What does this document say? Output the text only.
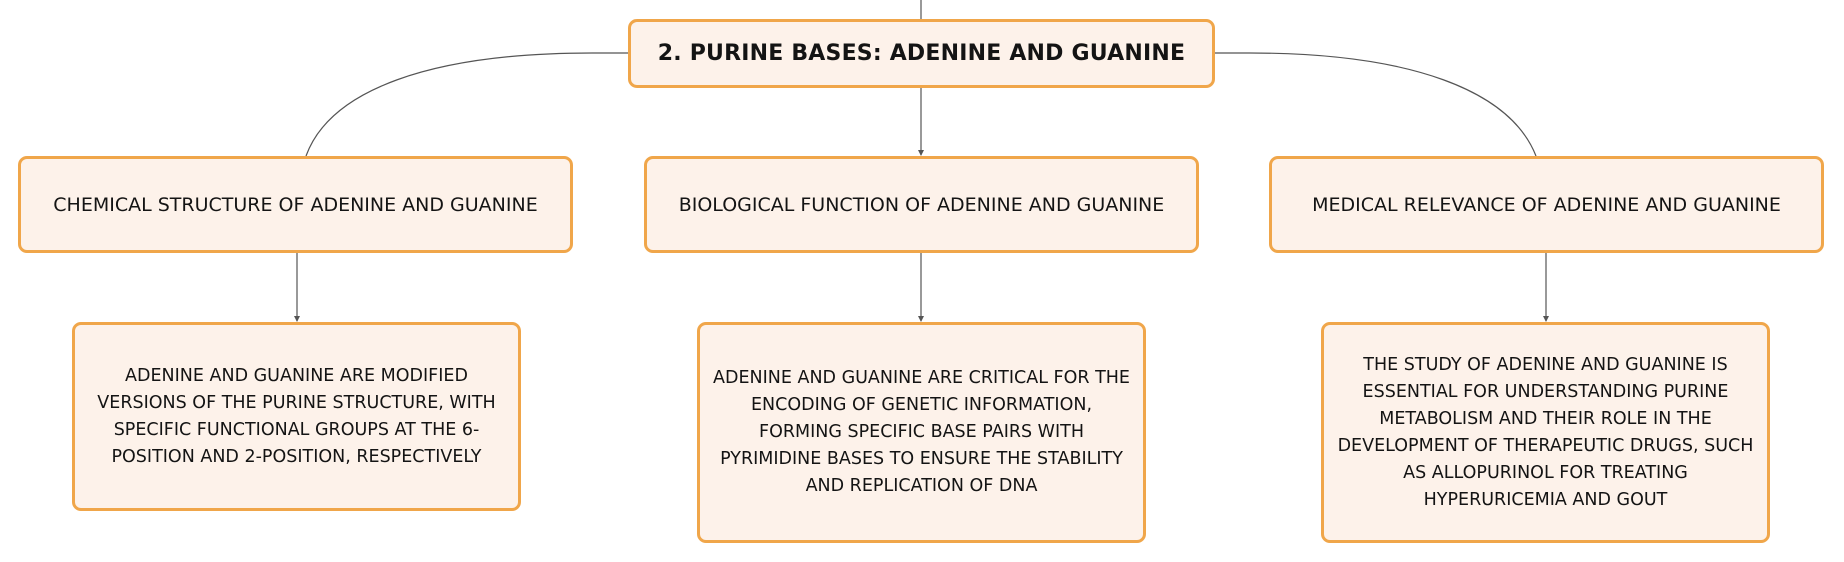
2. PURINE BASES: ADENINE AND GUANINE
CHEMICAL STRUCTURE OF ADENINE AND GUANINE	BIOLOGICAL FUNCTION OF ADENINE AND GUANINE	MEDICAL RELEVANCE OF ADENINE AND GUANINE
ADENINE AND GUANINE ARE MODIFIED VERSIONS OF THE PURINE STRUCTURE, WITH SPECIFIC FUNCTIONAL GROUPS AT THE 6-POSITION AND 2-POSITION, RESPECTIVELY
ADENINE AND GUANINE ARE CRITICAL FOR THE ENCODING OF GENETIC INFORMATION, FORMING SPECIFIC BASE PAIRS WITH PYRIMIDINE BASES TO ENSURE THE STABILITY AND REPLICATION OF DNA
THE STUDY OF ADENINE AND GUANINE IS ESSENTIAL FOR UNDERSTANDING PURINE METABOLISM AND THEIR ROLE IN THE DEVELOPMENT OF THERAPEUTIC DRUGS, SUCH AS ALLOPURINOL FOR TREATING HYPERURICEMIA AND GOUT
